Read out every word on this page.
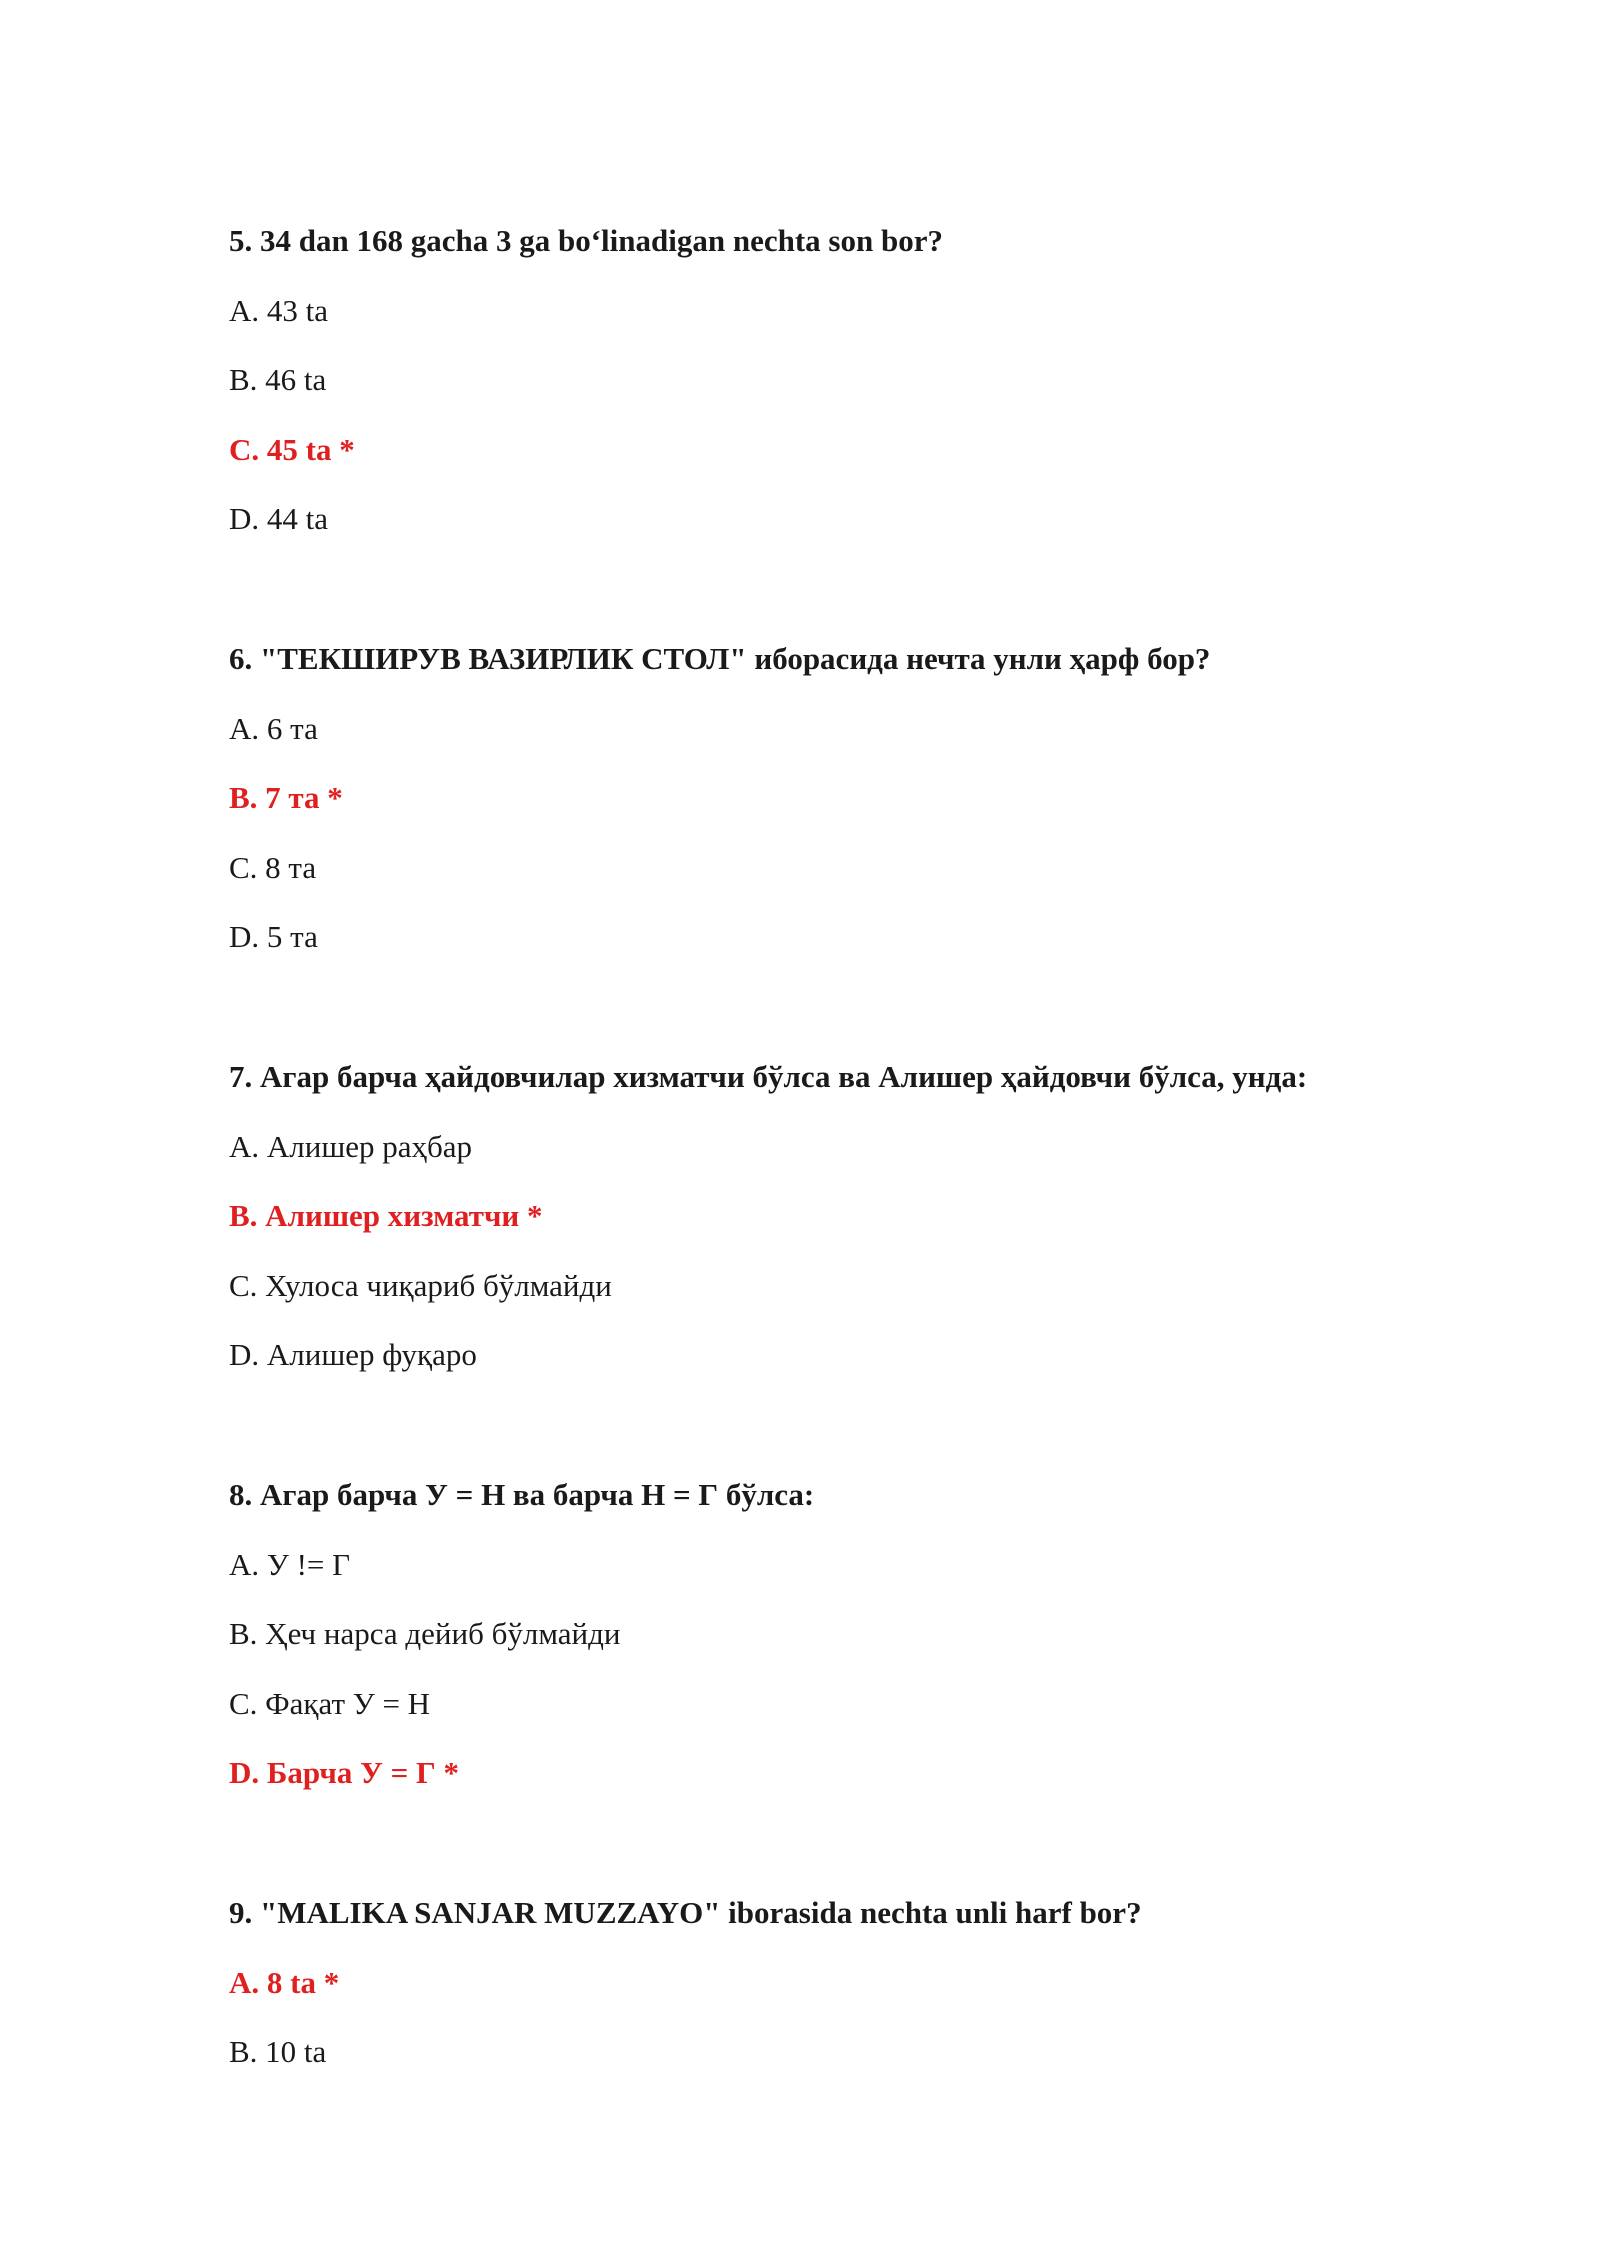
5. 34 dan 168 gacha 3 ga bo‘linadigan nechta son bor?
A. 43 ta
B. 46 ta
C. 45 ta *
D. 44 ta
6. "ТЕКШИРУВ ВАЗИРЛИК СТОЛ" иборасида нечта унли ҳарф бор?
A. 6 та
B. 7 та *
C. 8 та
D. 5 та
7. Агар барча ҳайдовчилар хизматчи бўлса ва Алишер ҳайдовчи бўлса, унда:
A. Алишер раҳбар
B. Алишер хизматчи *
C. Хулоса чиқариб бўлмайди
D. Алишер фуқаро
8. Агар барча У = Н ва барча Н = Г бўлса:
A. У != Г
B. Ҳеч нарса дейиб бўлмайди
C. Фақат У = Н
D. Барча У = Г *
9. "MALIKA SANJAR MUZZAYO" iborasida nechta unli harf bor?
A. 8 ta *
B. 10 ta
